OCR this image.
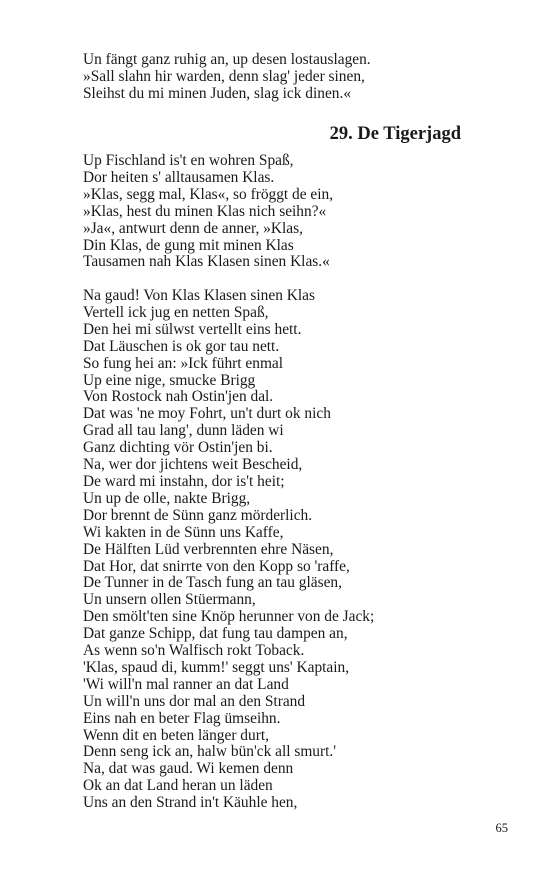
Un fängt ganz ruhig an, up desen lostauslagen.
»Sall slahn hir warden, denn slag' jeder sinen,
Sleihst du mi minen Juden, slag ick dinen.«
29. De Tigerjagd
Up Fischland is't en wohren Spaß,
Dor heiten s' alltausamen Klas.
»Klas, segg mal, Klas«, so fröggt de ein,
»Klas, hest du minen Klas nich seihn?«
»Ja«, antwurt denn de anner, »Klas,
Din Klas, de gung mit minen Klas
Tausamen nah Klas Klasen sinen Klas.«
Na gaud! Von Klas Klasen sinen Klas
Vertell ick jug en netten Spaß,
Den hei mi sülwst vertellt eins hett.
Dat Läuschen is ok gor tau nett.
So fung hei an: »Ick führt enmal
Up eine nige, smucke Brigg
Von Rostock nah Ostin'jen dal.
Dat was 'ne moy Fohrt, un't durt ok nich
Grad all tau lang', dunn läden wi
Ganz dichting vör Ostin'jen bi.
Na, wer dor jichtens weit Bescheid,
De ward mi instahn, dor is't heit;
Un up de olle, nakte Brigg,
Dor brennt de Sünn ganz mörderlich.
Wi kakten in de Sünn uns Kaffe,
De Hälften Lüd verbrennten ehre Näsen,
Dat Hor, dat snirrte von den Kopp so 'raffe,
De Tunner in de Tasch fung an tau gläsen,
Un unsern ollen Stüermann,
Den smölt'ten sine Knöp herunner von de Jack;
Dat ganze Schipp, dat fung tau dampen an,
As wenn so'n Walfisch rokt Toback.
'Klas, spaud di, kumm!' seggt uns' Kaptain,
'Wi will'n mal ranner an dat Land
Un will'n uns dor mal an den Strand
Eins nah en beter Flag ümseihn.
Wenn dit en beten länger durt,
Denn seng ick an, halw bün'ck all smurt.'
Na, dat was gaud. Wi kemen denn
Ok an dat Land heran un läden
Uns an den Strand in't Käuhle hen,
65
